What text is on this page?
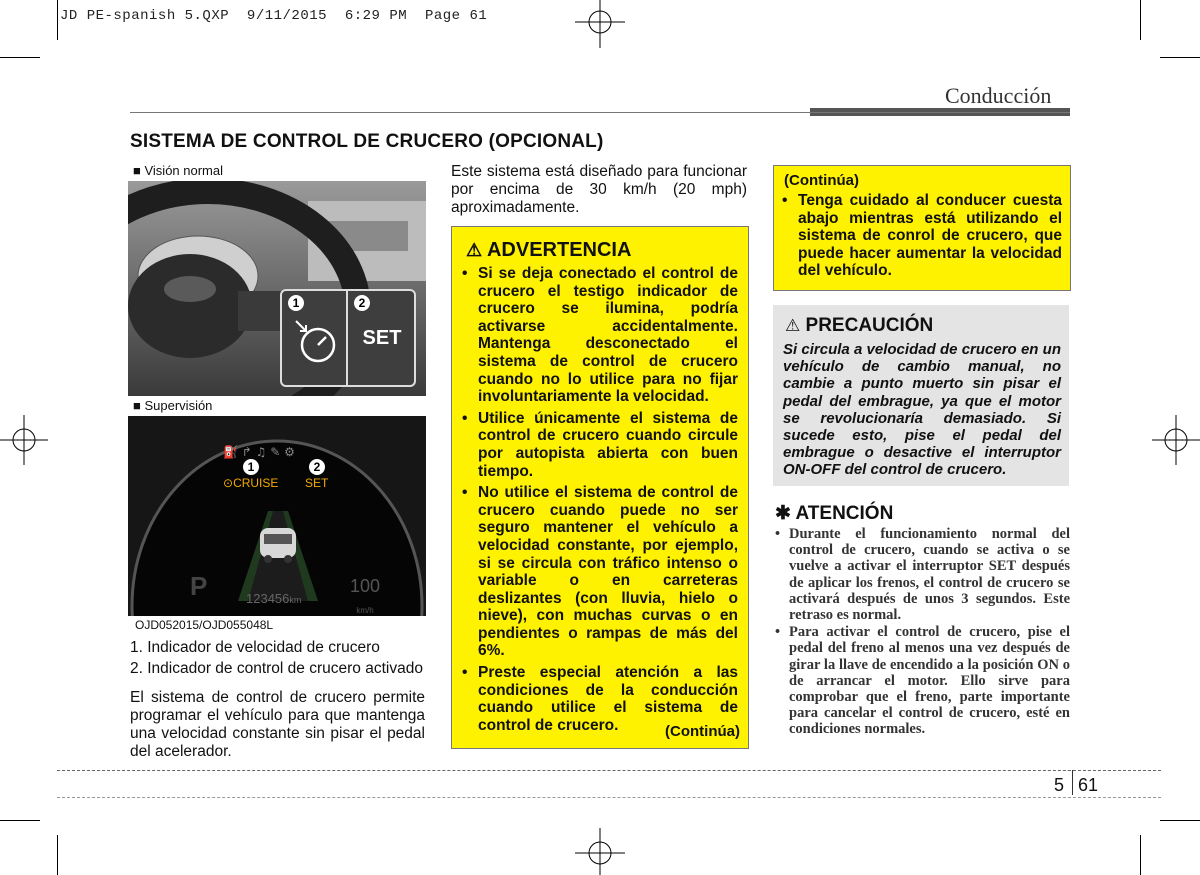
JD PE-spanish 5.QXP  9/11/2015  6:29 PM  Page 61
Conducción
SISTEMA DE CONTROL DE CRUCERO (OPCIONAL)
■ Visión normal
1	2
SET
■ Supervisión
⛽ ↱ ♫ ✎ ⚙
1	2
⊙CRUISE SET
P	123456km
100
km/h
OJD052015/OJD055048L
1. Indicador de velocidad de crucero
2. Indicador de control de crucero activado
El sistema de control de crucero permite programar el vehículo para que mantenga una velocidad constante sin pisar el pedal del acelerador.
Este sistema está diseñado para funcionar por encima de 30 km/h (20 mph) aproximadamente.
⚠ ADVERTENCIA
• Si se deja conectado el control de crucero el testigo indicador de crucero se ilumina, podría activarse accidentalmente. Mantenga desconectado el sistema de control de crucero cuando no lo utilice para no fijar involuntariamente la velocidad.
• Utilice únicamente el sistema de control de crucero cuando circule por autopista abierta con buen tiempo.
• No utilice el sistema de control de crucero cuando puede no ser seguro mantener el vehículo a velocidad constante, por ejemplo, si se circula con tráfico intenso o variable o en carreteras deslizantes (con lluvia, hielo o nieve), con muchas curvas o en pendientes o rampas de más del 6%.
• Preste especial atención a las condiciones de la conducción cuando utilice el sistema de control de crucero.	(Continúa)
(Continúa)
• Tenga cuidado al conducer cuesta abajo mientras está utilizando el sistema de conrol de crucero, que puede hacer aumentar la velocidad del vehículo.
⚠ PRECAUCIÓN
Si circula a velocidad de crucero en un vehículo de cambio manual, no cambie a punto muerto sin pisar el pedal del embrague, ya que el motor se revolucionaría demasiado. Si sucede esto, pise el pedal del embrague o desactive el interruptor ON-OFF del control de crucero.
✱ ATENCIÓN
• Durante el funcionamiento normal del control de crucero, cuando se activa o se vuelve a activar el interruptor SET después de aplicar los frenos, el control de crucero se activará después de unos 3 segundos. Este retraso es normal.
• Para activar el control de crucero, pise el pedal del freno al menos una vez después de girar la llave de encendido a la posición ON o de arrancar el motor. Ello sirve para comprobar que el freno, parte importante para cancelar el control de crucero, esté en condiciones normales.
5 61
